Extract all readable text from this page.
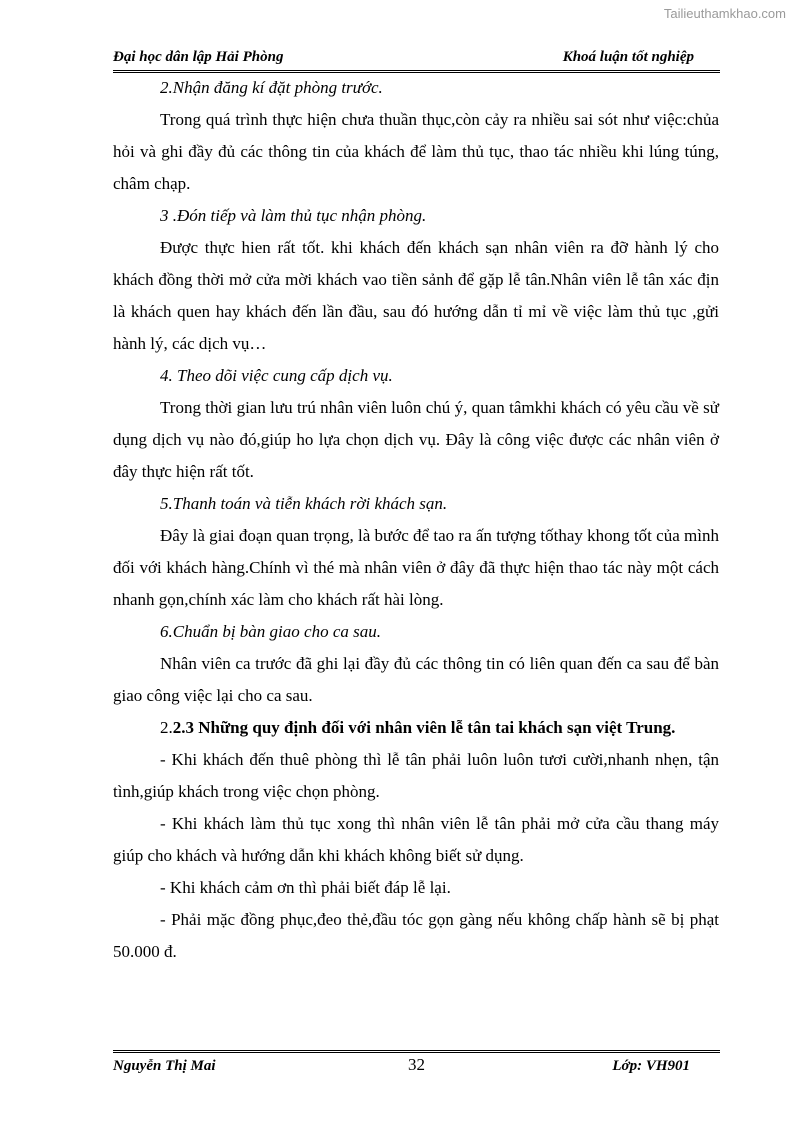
Tailieuthamkhao.com
Đại học dân lập Hải Phòng	Khoá luận tốt nghiệp

2.Nhận đăng kí đặt phòng trước.

Trong quá trình thực hiện chưa thuần thục,còn cảy ra nhiều sai sót như việc:chủa hỏi và ghi đầy đủ các thông tin của khách để làm thủ tục, thao tác nhiều khi lúng túng, châm chạp.

3 .Đón tiếp và làm thủ tục nhận phòng.

Được thực hien rất tốt. khi khách đến khách sạn nhân viên ra đỡ hành lý cho khách đồng thời mở cửa mời khách vao tiền sảnh để gặp lễ tân.Nhân viên lễ tân xác địn là khách quen hay khách đến lần đầu, sau đó hướng dẫn tỉ mỉ về việc làm thủ tục ,gửi hành lý, các dịch vụ…

4. Theo dõi việc cung cấp dịch vụ.

Trong thời gian lưu trú nhân viên luôn chú ý, quan tâmkhi khách có yêu cầu về sử dụng dịch vụ nào đó,giúp ho lựa chọn dịch vụ. Đây là công việc được các nhân viên ở đây thực hiện rất tốt.

5.Thanh toán và tiễn khách rời khách sạn.

Đây là giai đoạn quan trọng, là bước để tao ra ấn tượng tốthay khong tốt của mình đối với khách hàng.Chính vì thé mà nhân viên ở đây đã thực hiện thao tác này một cách nhanh gọn,chính xác làm cho khách rất hài lòng.

6.Chuẩn bị bàn giao cho ca sau.

Nhân viên ca trước đã ghi lại đầy đủ các thông tin có liên quan đến ca sau để bàn giao công việc lại cho ca sau.

2.2.3 Những quy định đối với nhân viên lễ tân tai khách sạn việt Trung.

- Khi khách đến thuê phòng thì lễ tân phải luôn luôn tươi cười,nhanh nhẹn, tận tình,giúp khách trong việc chọn phòng.

- Khi khách làm thủ tục xong thì nhân viên lễ tân phải mở cửa cầu thang máy giúp cho khách và hướng dẫn khi khách không biết sử dụng.

- Khi khách cảm ơn thì phải biết đáp lễ lại.

- Phải mặc đồng phục,đeo thẻ,đầu tóc gọn gàng nếu không chấp hành sẽ bị phạt 50.000 đ.

Nguyễn Thị Mai	32	Lớp: VH901
